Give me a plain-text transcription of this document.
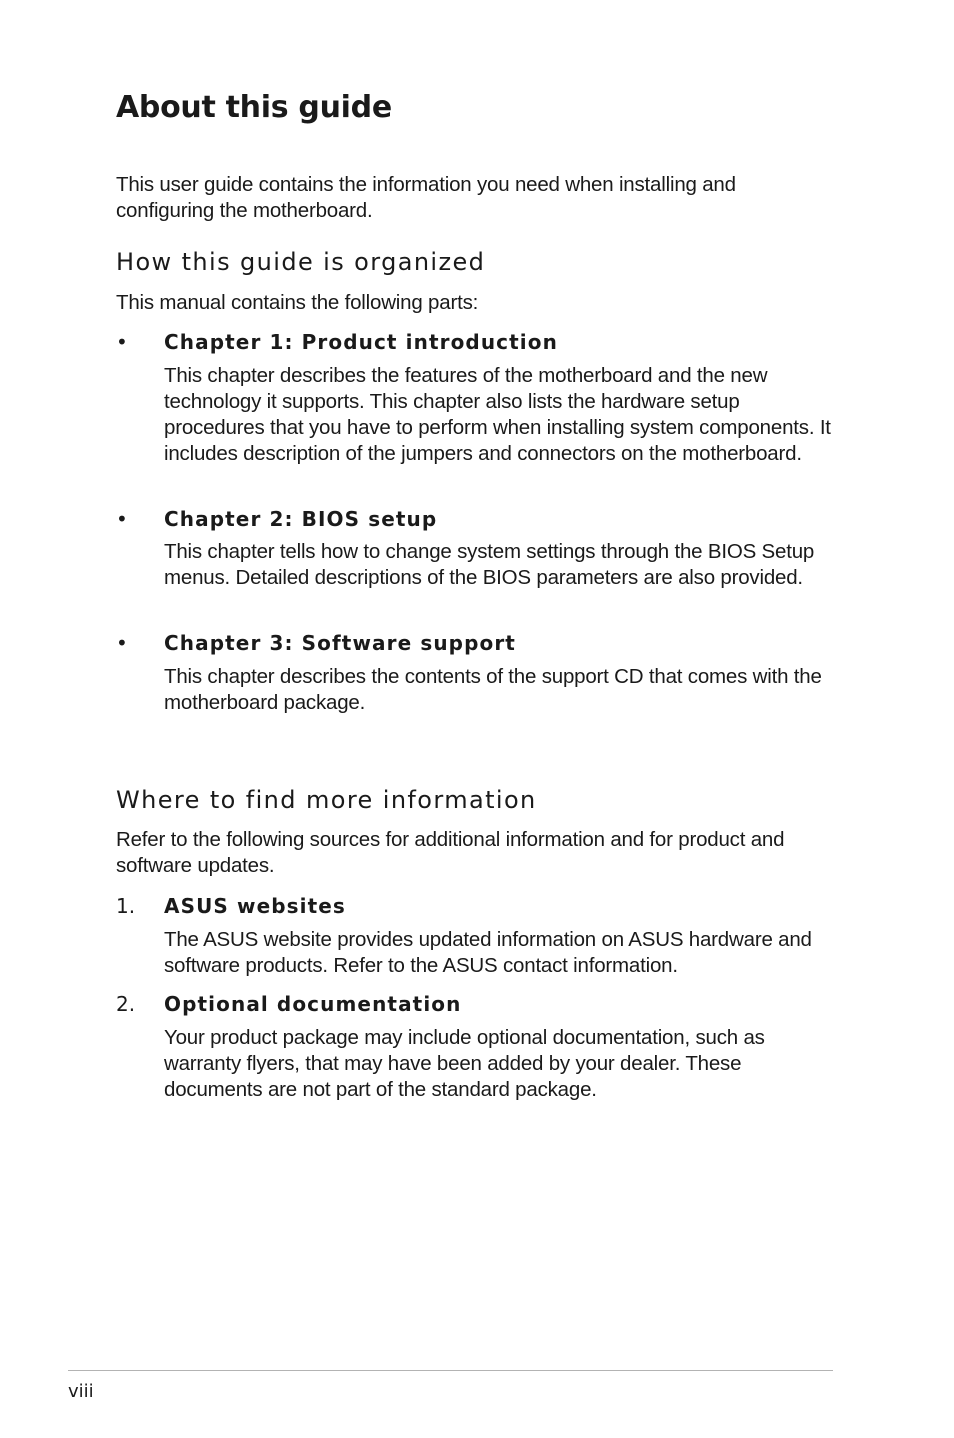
About this guide

This user guide contains the information you need when installing and configuring the motherboard.

How this guide is organized

This manual contains the following parts:

• Chapter 1: Product introduction

This chapter describes the features of the motherboard and the new technology it supports. This chapter also lists the hardware setup procedures that you have to perform when installing system components. It includes description of the jumpers and connectors on the motherboard.

• Chapter 2: BIOS setup

This chapter tells how to change system settings through the BIOS Setup menus. Detailed descriptions of the BIOS parameters are also provided.

• Chapter 3: Software support

This chapter describes the contents of the support CD that comes with the motherboard package.

Where to find more information

Refer to the following sources for additional information and for product and software updates.

1. ASUS websites

The ASUS website provides updated information on ASUS hardware and software products. Refer to the ASUS contact information.

2. Optional documentation

Your product package may include optional documentation, such as warranty flyers, that may have been added by your dealer. These documents are not part of the standard package.

viii
